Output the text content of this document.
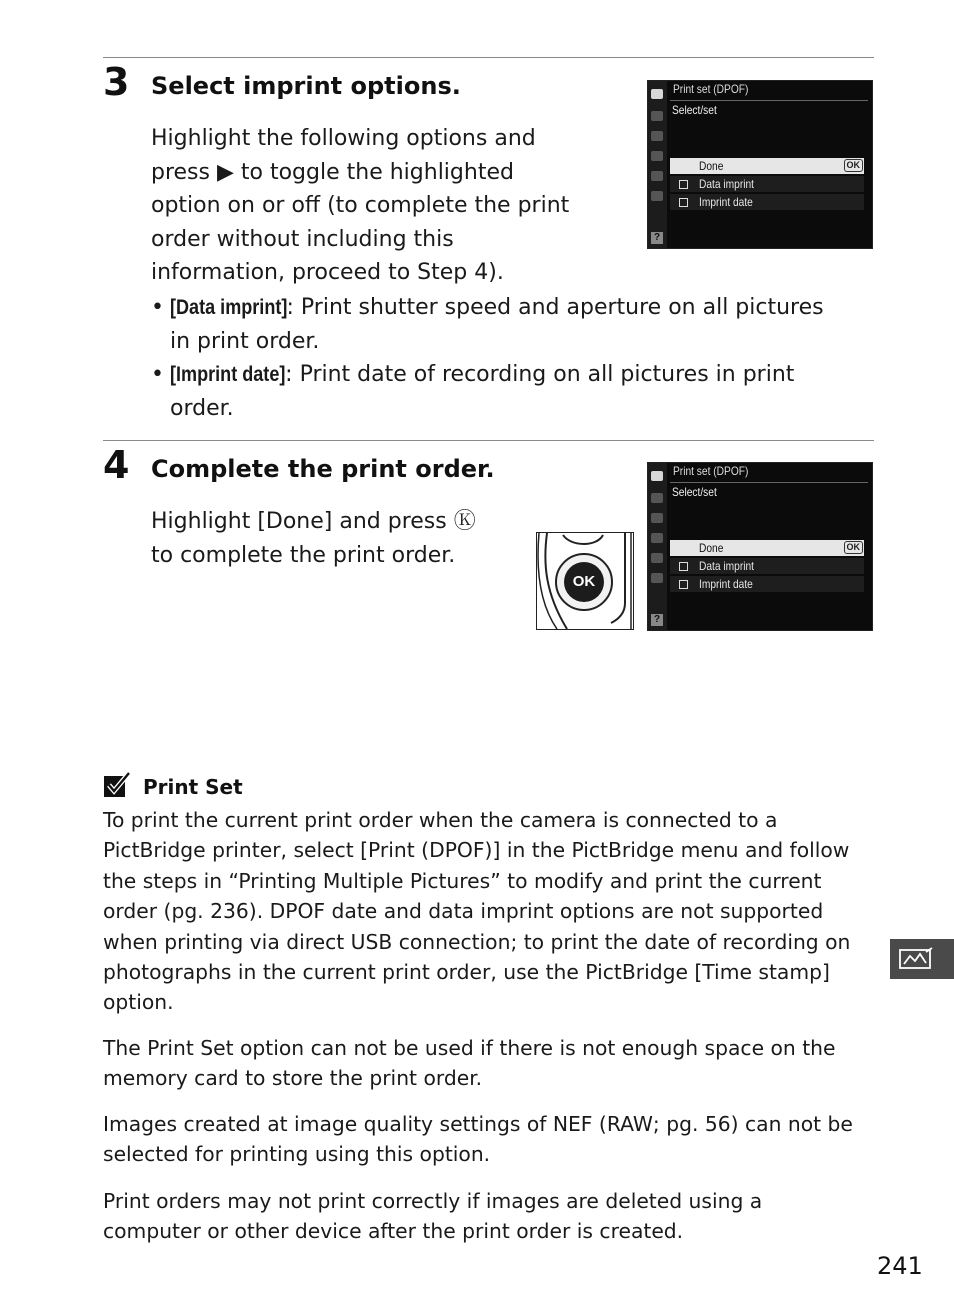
3 Select imprint options.

Highlight the following options and

press ▶ to toggle the highlighted

option on or off (to complete the print

order without including this

information, proceed to Step 4).

• [Data imprint]: Print shutter speed and aperture on all pictures
in print order.
• [Imprint date]: Print date of recording on all pictures in print
order.
Print set (DPOF)
Select/set
Done	OK
Data imprint
Imprint date
?
4 Complete the print order.

Highlight [Done] and press Ⓚ

to complete the print order.

OK
Print set (DPOF)
Select/set
Done	OK
Data imprint
Imprint date
?
Print Set

To print the current print order when the camera is connected to a
PictBridge printer, select [Print (DPOF)] in the PictBridge menu and follow
the steps in “Printing Multiple Pictures” to modify and print the current
order (pg. 236). DPOF date and data imprint options are not supported
when printing via direct USB connection; to print the date of recording on
photographs in the current print order, use the PictBridge [Time stamp]
option.

The Print Set option can not be used if there is not enough space on the
memory card to store the print order.

Images created at image quality settings of NEF (RAW; pg. 56) can not be
selected for printing using this option.

Print orders may not print correctly if images are deleted using a
computer or other device after the print order is created.

241
